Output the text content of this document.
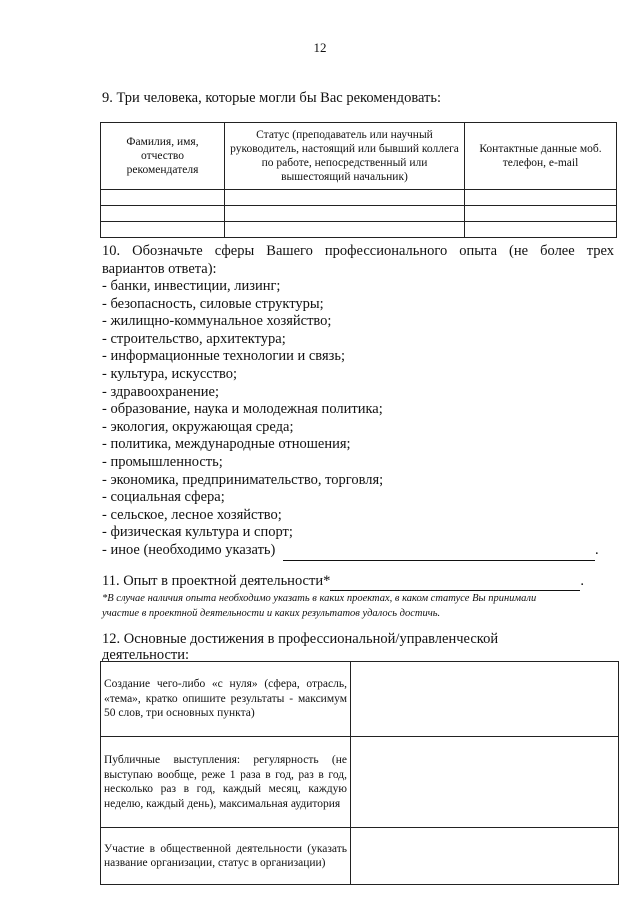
12
9. Три человека, которые могли бы Вас рекомендовать:
Фамилия, имя, отчество рекомендателя	Статус (преподаватель или научный руководитель, настоящий или бывший коллега по работе, непосредственный или вышестоящий начальник)	Контактные данные моб. телефон, e-mail

10. Обозначьте сферы Вашего профессионального опыта (не более трех
вариантов ответа):
- банки, инвестиции, лизинг;
- безопасность, силовые структуры;
- жилищно-коммунальное хозяйство;
- строительство, архитектура;
- информационные технологии и связь;
- культура, искусство;
- здравоохранение;
- образование, наука и молодежная политика;
- экология, окружающая среда;
- политика, международные отношения;
- промышленность;
- экономика, предпринимательство, торговля;
- социальная сфера;
- сельское, лесное хозяйство;
- физическая культура и спорт;
- иное (необходимо указать)	.
11. Опыт в проектной деятельности*	.
*В случае наличия опыта необходимо указать в каких проектах, в каком статусе Вы принимали
участие в проектной деятельности и каких результатов удалось достичь.
12. Основные достижения в профессиональной/управленческой
деятельности:
Создание чего-либо «с нуля» (сфера, отрасль, «тема», кратко опишите результаты - максимум 50 слов, три основных пункта)	
Публичные выступления: регулярность (не выступаю вообще, реже 1 раза в год, раз в год, несколько раз в год, каждый месяц, каждую неделю, каждый день), максимальная аудитория	
Участие в общественной деятельности (указать название организации, статус в организации)	
